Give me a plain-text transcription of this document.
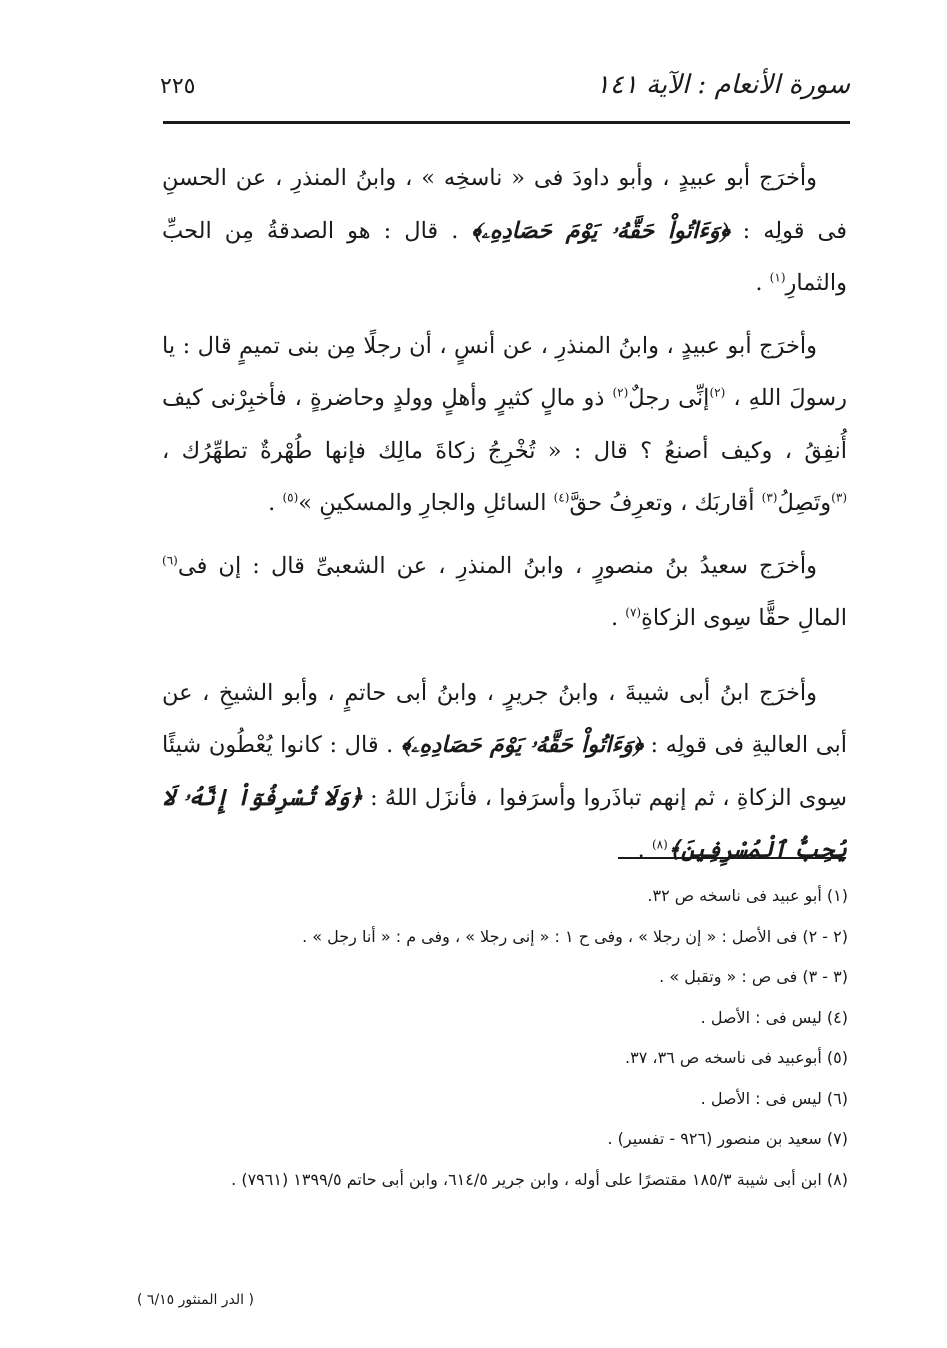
سورة الأنعام : الآية ١٤١
٢٢٥

وأخرَج أبو عبيدٍ ، وأبو داودَ فى « ناسخِه » ، وابنُ المنذرِ ، عن الحسنِ فى قولِه : ﴿وَءَاتُواْ حَقَّهُۥ يَوْمَ حَصَادِهِۦ﴾ . قال : هو الصدقةُ مِن الحبِّ والثمارِ$^{(١)}$ .

وأخرَج أبو عبيدٍ ، وابنُ المنذرِ ، عن أنسٍ ، أن رجلًا مِن بنى تميمٍ قال : يا رسولَ اللهِ ، $^{(٢)}$إنِّى رجلٌ$^{(٢)}$ ذو مالٍ كثيرٍ وأهلٍ وولدٍ وحاضرةٍ ، فأخبِرْنى كيف أُنفِقُ ، وكيف أصنعُ ؟ قال : « تُخْرِجُ زكاةَ مالِك فإنها طُهْرةٌ تطهِّرُك ، $^{(٣)}$وتَصِلُ$^{(٣)}$ أقاربَك ، وتعرِفُ حقَّ$^{(٤)}$ السائلِ والجارِ والمسكينِ »$^{(٥)}$ .

وأخرَج سعيدُ بنُ منصورٍ ، وابنُ المنذرِ ، عن الشعبىِّ قال : إن فى$^{(٦)}$ المالِ حقًّا سِوى الزكاةِ$^{(٧)}$ .

وأخرَج ابنُ أبى شيبةَ ، وابنُ جريرٍ ، وابنُ أبى حاتمٍ ، وأبو الشيخِ ، عن أبى العاليةِ فى قولِه : ﴿وَءَاتُواْ حَقَّهُۥ يَوْمَ حَصَادِهِۦ﴾ . قال : كانوا يُعْطُون شيئًا سِوى الزكاةِ ، ثم إنهم تباذَروا وأسرَفوا ، فأنزَل اللهُ : ﴿وَلَا تُسْرِفُوٓاْ إِنَّهُۥ لَا يُحِبُّ ٱلْمُسْرِفِينَ﴾$^{(٨)}$ .

(١) أبو عبيد فى ناسخه ص ٣٢.

(٢ - ٢) فى الأصل : « إن رجلا » ، وفى ح ١ : « إنى رجلا » ، وفى م : « أنا رجل » .

(٣ - ٣) فى ص : « وتقبل » .

(٤) ليس فى : الأصل .

(٥) أبوعبيد فى ناسخه ص ٣٦، ٣٧.

(٦) ليس فى : الأصل .

(٧) سعيد بن منصور (٩٢٦ - تفسير) .

(٨) ابن أبى شيبة ١٨٥/٣ مقتصرًا على أوله ، وابن جرير ٦١٤/٥، وابن أبى حاتم ١٣٩٩/٥ (٧٩٦١) .

( الدر المنثور ٦/١٥ )
